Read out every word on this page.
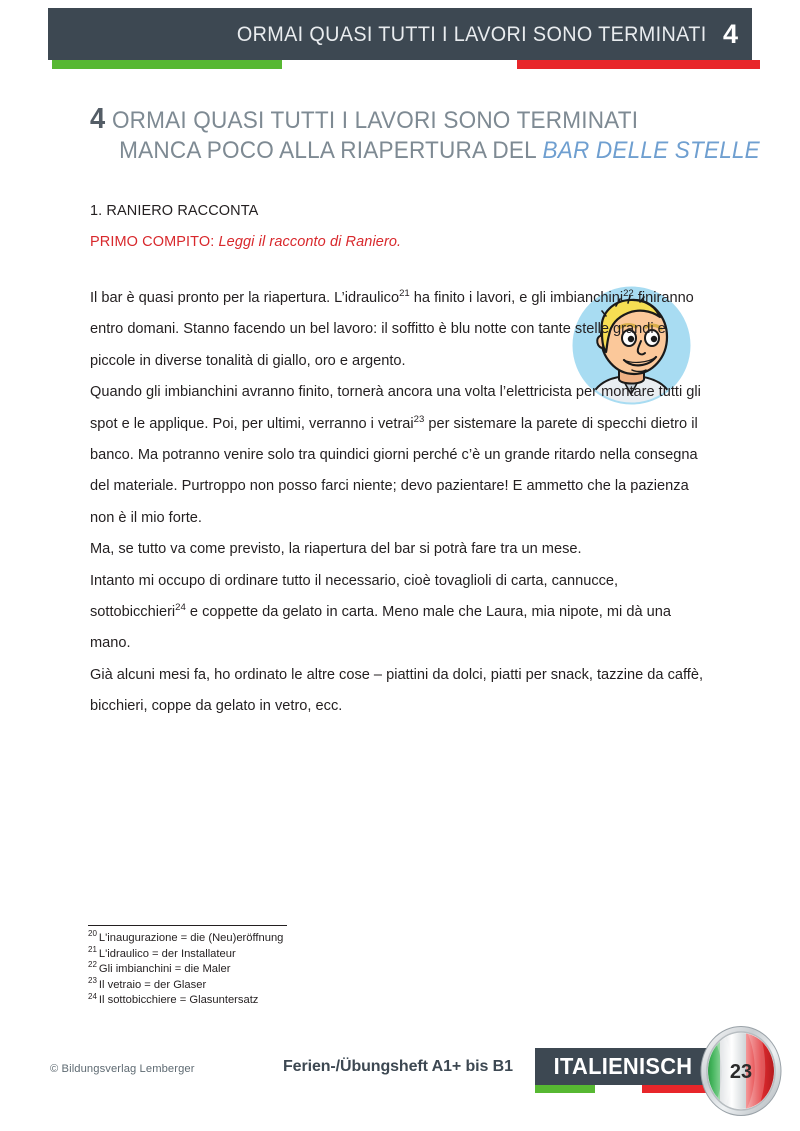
ORMAI QUASI TUTTI I LAVORI SONO TERMINATI 4
4 ORMAI QUASI TUTTI I LAVORI SONO TERMINATI
MANCA POCO ALLA RIAPERTURA DEL BAR DELLE STELLE
1. RANIERO RACCONTA
PRIMO COMPITO: Leggi il racconto di Raniero.

Il bar è quasi pronto per la riapertura. L’idraulico$^{21}$ ha finito i lavori, e gli imbianchini$^{22}$ finiranno entro domani. Stanno facendo un bel lavoro: il soffitto è blu notte con tante stelle grandi e piccole in diverse tonalità di giallo, oro e argento.

Quando gli imbianchini avranno finito, tornerà ancora una volta l’elettricista per montare tutti gli spot e le applique. Poi, per ultimi, verranno i vetrai$^{23}$ per sistemare la parete di specchi dietro il banco. Ma potranno venire solo tra quindici giorni perché c’è un grande ritardo nella consegna del materiale. Purtroppo non posso farci niente; devo pazientare! E ammetto che la pazienza non è il mio forte.

Ma, se tutto va come previsto, la riapertura del bar si potrà fare tra un mese.

Intanto mi occupo di ordinare tutto il necessario, cioè tovaglioli di carta, cannucce, sottobicchieri$^{24}$ e coppette da gelato in carta. Meno male che Laura, mia nipote, mi dà una mano.

Già alcuni mesi fa, ho ordinato le altre cose – piattini da dolci, piatti per snack, tazzine da caffè, bicchieri, coppe da gelato in vetro, ecc.

$^{20}$ L'inaugurazione = die (Neu)eröffnung
$^{21}$ L'idraulico = der Installateur
$^{22}$ Gli imbianchini = die Maler
$^{23}$ Il vetraio = der Glaser
$^{24}$ Il sottobicchiere = Glasuntersatz
© Bildungsverlag Lemberger	Ferien-/Übungsheft A1+ bis B1 ITALIENISCH 23
